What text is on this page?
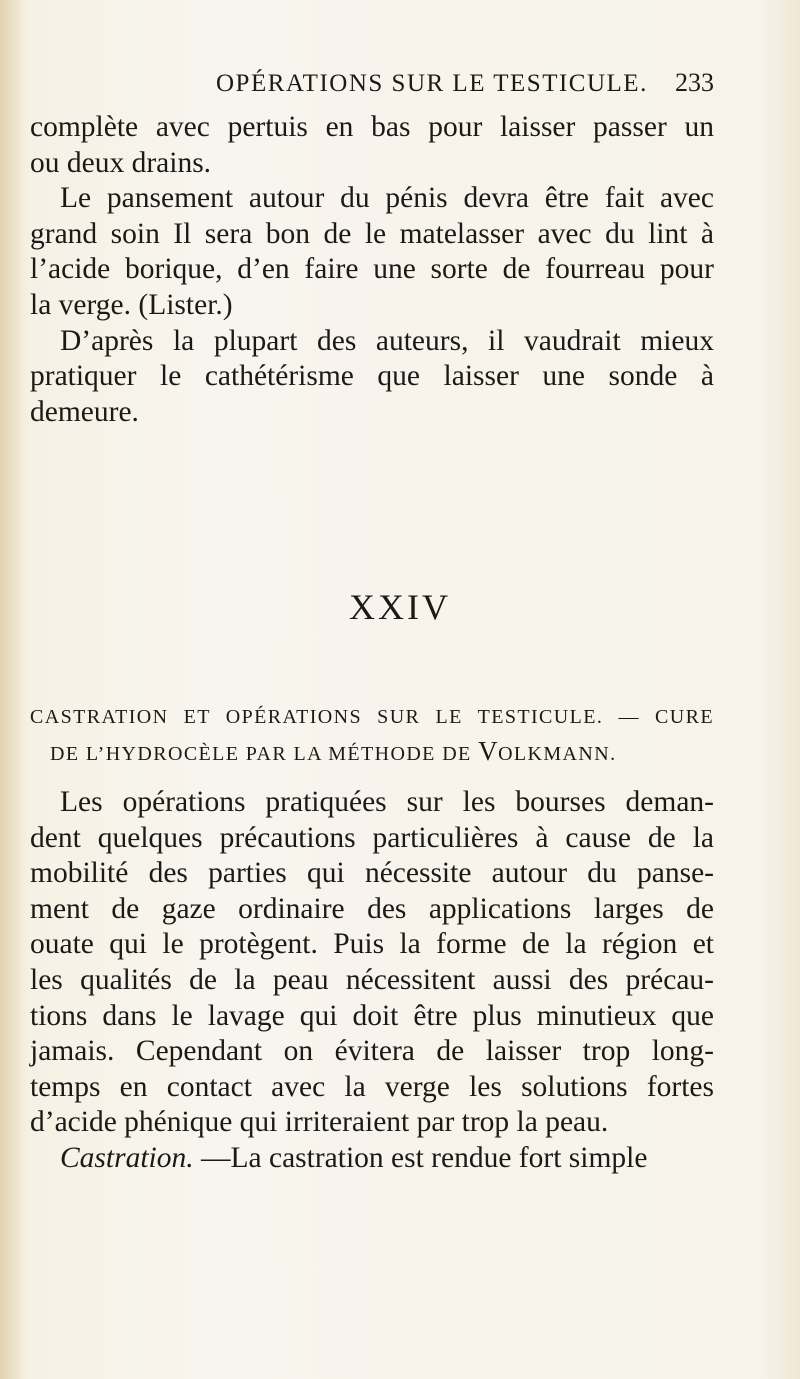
OPÉRATIONS SUR LE TESTICULE. 233
complète avec pertuis en bas pour laisser passer un
ou deux drains.
Le pansement autour du pénis devra être fait avec
grand soin Il sera bon de le matelasser avec du lint à
l’acide borique, d’en faire une sorte de fourreau pour
la verge. (Lister.)
D’après la plupart des auteurs, il vaudrait mieux
pratiquer le cathétérisme que laisser une sonde à
demeure.
XXIV
CASTRATION ET OPÉRATIONS SUR LE TESTICULE. — CURE
DE L’HYDROCÈLE PAR LA MÉTHODE DE VOLKMANN.
Les opérations pratiquées sur les bourses deman-
dent quelques précautions particulières à cause de la
mobilité des parties qui nécessite autour du panse-
ment de gaze ordinaire des applications larges de
ouate qui le protègent. Puis la forme de la région et
les qualités de la peau nécessitent aussi des précau-
tions dans le lavage qui doit être plus minutieux que
jamais. Cependant on évitera de laisser trop long-
temps en contact avec la verge les solutions fortes
d’acide phénique qui irriteraient par trop la peau.
Castration. —La castration est rendue fort simple
